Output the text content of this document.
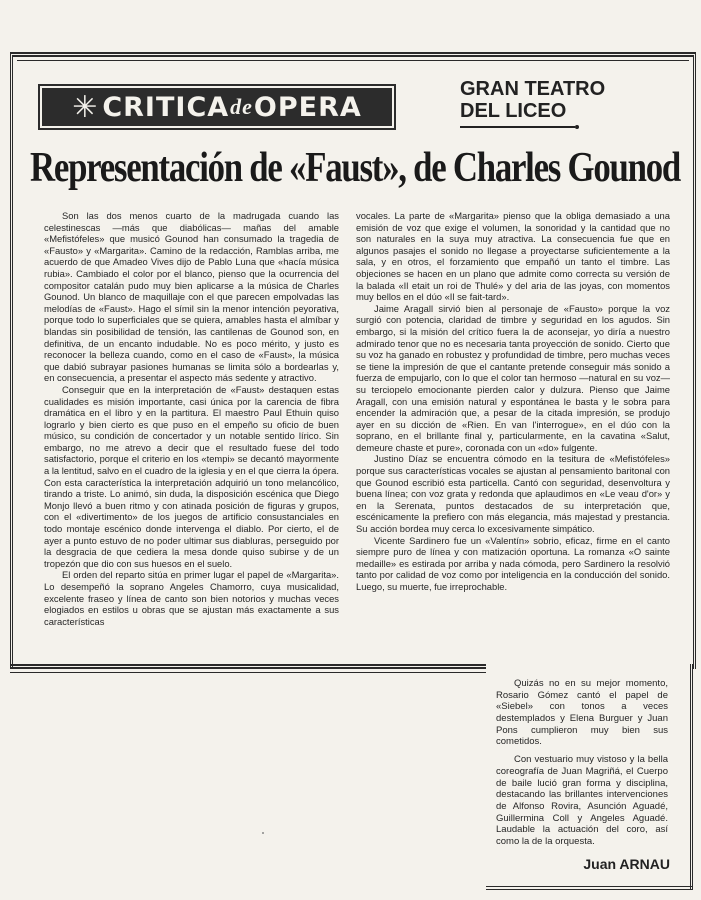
✳ CRITICA de OPERA
GRAN TEATRO
DEL LICEO
Representación de «Faust», de Charles Gounod

Son las dos menos cuarto de la madrugada cuando las celestinescas —más que diabólicas— mañas del amable «Mefistófeles» que musicó Gounod han consumado la tragedia de «Fausto» y «Margarita». Camino de la redacción, Ramblas arriba, me acuerdo de que Amadeo Vives dijo de Pablo Luna que «hacía música rubia». Cambiado el color por el blanco, pienso que la ocurrencia del compositor catalán pudo muy bien aplicarse a la música de Charles Gounod. Un blanco de maquillaje con el que parecen empolvadas las melodías de «Faust». Hago el símil sin la menor intención peyorativa, porque todo lo superficiales que se quiera, amables hasta el almíbar y blandas sin posibilidad de tensión, las cantilenas de Gounod son, en definitiva, de un encanto indudable. No es poco mérito, y justo es reconocer la belleza cuando, como en el caso de «Faust», la música que dabió subrayar pasiones humanas se limita sólo a bordearlas y, en consecuencia, a presentar el aspecto más sedente y atractivo.

Conseguir que en la interpretación de «Faust» destaquen estas cualidades es misión importante, casi única por la carencia de fibra dramática en el libro y en la partitura. El maestro Paul Ethuin quiso lograrlo y bien cierto es que puso en el empeño su oficio de buen músico, su condición de concertador y un notable sentido lírico. Sin embargo, no me atrevo a decir que el resultado fuese del todo satisfactorio, porque el criterio en los «tempi» se decantó mayormente a la lentitud, salvo en el cuadro de la iglesia y en el que cierra la ópera. Con esta característica la interpretación adquirió un tono melancólico, tirando a triste. Lo animó, sin duda, la disposición escénica que Diego Monjo llevó a buen ritmo y con atinada posición de figuras y grupos, con el «divertimento» de los juegos de artificio consustanciales en todo montaje escénico donde intervenga el diablo. Por cierto, el de ayer a punto estuvo de no poder ultimar sus diabluras, perseguido por la desgracia de que cediera la mesa donde quiso subirse y de un tropezón que dio con sus huesos en el suelo.

El orden del reparto sitúa en primer lugar el papel de «Margarita». Lo desempeñó la soprano Angeles Chamorro, cuya musicalidad, excelente fraseo y línea de canto son bien notorios y muchas veces elogiados en estilos u obras que se ajustan más exactamente a sus características

vocales. La parte de «Margarita» pienso que la obliga demasiado a una emisión de voz que exige el volumen, la sonoridad y la cantidad que no son naturales en la suya muy atractiva. La consecuencia fue que en algunos pasajes el sonido no llegase a proyectarse suficientemente a la sala, y en otros, el forzamiento que empañó un tanto el timbre. Las objeciones se hacen en un plano que admite como correcta su versión de la balada «Il etait un roi de Thulé» y del aria de las joyas, con momentos muy bellos en el dúo «Il se fait-tard».

Jaime Aragall sirvió bien al personaje de «Fausto» porque la voz surgió con potencia, claridad de timbre y seguridad en los agudos. Sin embargo, si la misión del crítico fuera la de aconsejar, yo diría a nuestro admirado tenor que no es necesaria tanta proyección de sonido. Cierto que su voz ha ganado en robustez y profundidad de timbre, pero muchas veces se tiene la impresión de que el cantante pretende conseguir más sonido a fuerza de empujarlo, con lo que el color tan hermoso —natural en su voz— su terciopelo emocionante pierden calor y dulzura. Pienso que Jaime Aragall, con una emisión natural y espontánea le basta y le sobra para encender la admiración que, a pesar de la citada impresión, se produjo ayer en su dicción de «Rien. En van l'interrogue», en el dúo con la soprano, en el brillante final y, particularmente, en la cavatina «Salut, demeure chaste et pure», coronada con un «do» fulgente.

Justino Díaz se encuentra cómodo en la tesitura de «Mefistófeles» porque sus características vocales se ajustan al pensamiento baritonal con que Gounod escribió esta particella. Cantó con seguridad, desenvoltura y buena línea; con voz grata y redonda que aplaudimos en «Le veau d'or» y en la Serenata, puntos destacados de su interpretación que, escénicamente la prefiero con más elegancia, más majestad y prestancia. Su acción bordea muy cerca lo excesivamente simpático.

Vicente Sardinero fue un «Valentín» sobrio, eficaz, firme en el canto siempre puro de línea y con matización oportuna. La romanza «O sainte medaille» es estirada por arriba y nada cómoda, pero Sardinero la resolvió tanto por calidad de voz como por inteligencia en la conducción del sonido. Luego, su muerte, fue irreprochable.

Quizás no en su mejor momento, Rosario Gómez cantó el papel de «Siebel» con tonos a veces destemplados y Elena Burguer y Juan Pons cumplieron muy bien sus cometidos.

Con vestuario muy vistoso y la bella coreografía de Juan Magriñá, el Cuerpo de baile lució gran forma y disciplina, destacando las brillantes intervenciones de Alfonso Rovira, Asunción Aguadé, Guillermina Coll y Angeles Aguadé. Laudable la actuación del coro, así como la de la orquesta.

Juan ARNAU
